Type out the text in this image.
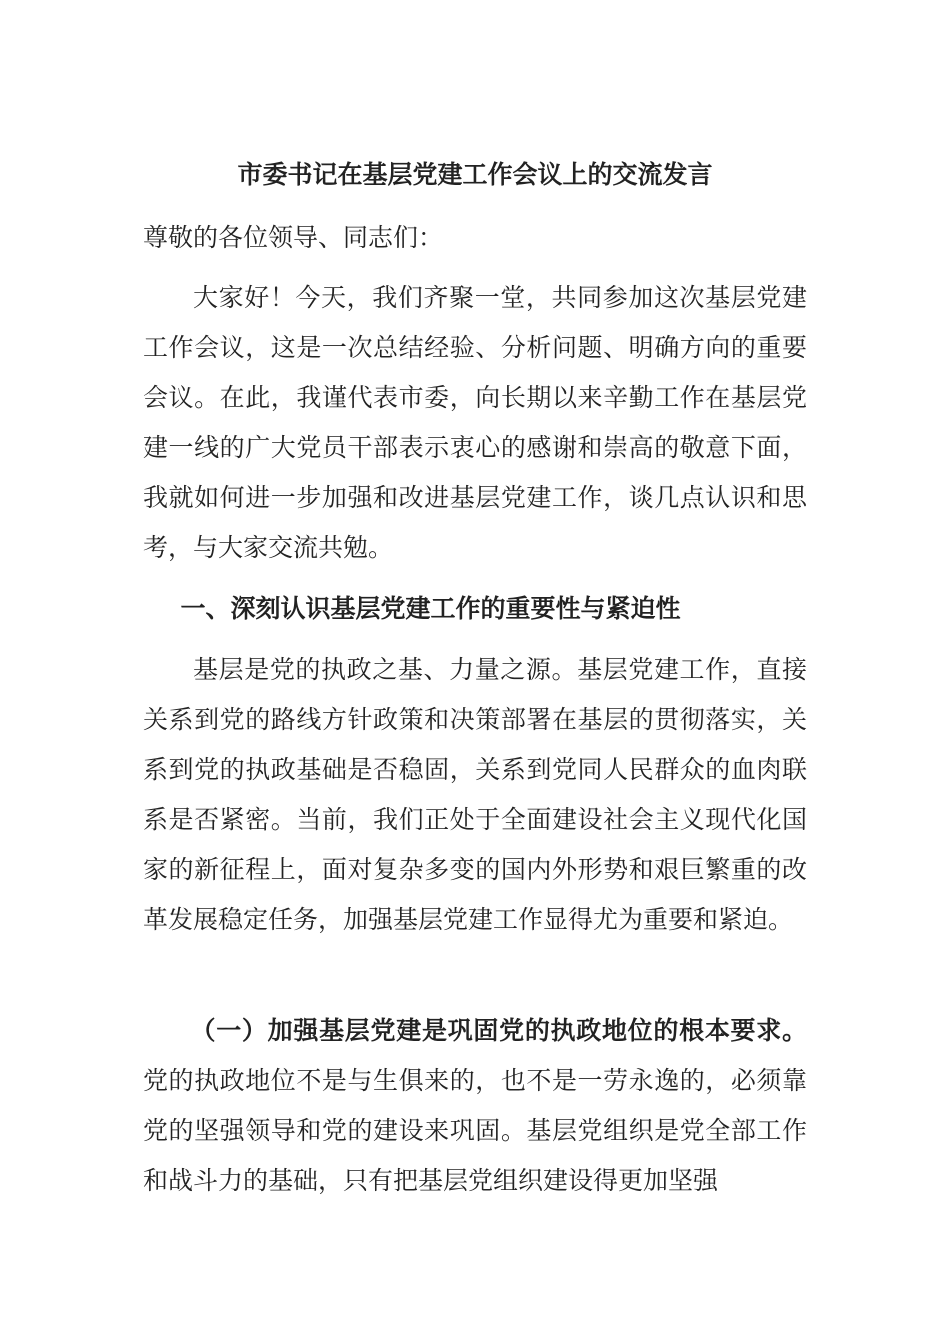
市委书记在基层党建工作会议上的交流发言

尊敬的各位领导、同志们：

大家好！今天，我们齐聚一堂，共同参加这次基层党建工作会议，这是一次总结经验、分析问题、明确方向的重要会议。在此，我谨代表市委，向长期以来辛勤工作在基层党建一线的广大党员干部表示衷心的感谢和崇高的敬意下面，我就如何进一步加强和改进基层党建工作，谈几点认识和思考，与大家交流共勉。

一、深刻认识基层党建工作的重要性与紧迫性

基层是党的执政之基、力量之源。基层党建工作，直接关系到党的路线方针政策和决策部署在基层的贯彻落实，关系到党的执政基础是否稳固，关系到党同人民群众的血肉联系是否紧密。当前，我们正处于全面建设社会主义现代化国家的新征程上，面对复杂多变的国内外形势和艰巨繁重的改革发展稳定任务，加强基层党建工作显得尤为重要和紧迫。

（一）加强基层党建是巩固党的执政地位的根本要求。党的执政地位不是与生俱来的，也不是一劳永逸的，必须靠党的坚强领导和党的建设来巩固。基层党组织是党全部工作和战斗力的基础，只有把基层党组织建设得更加坚强
